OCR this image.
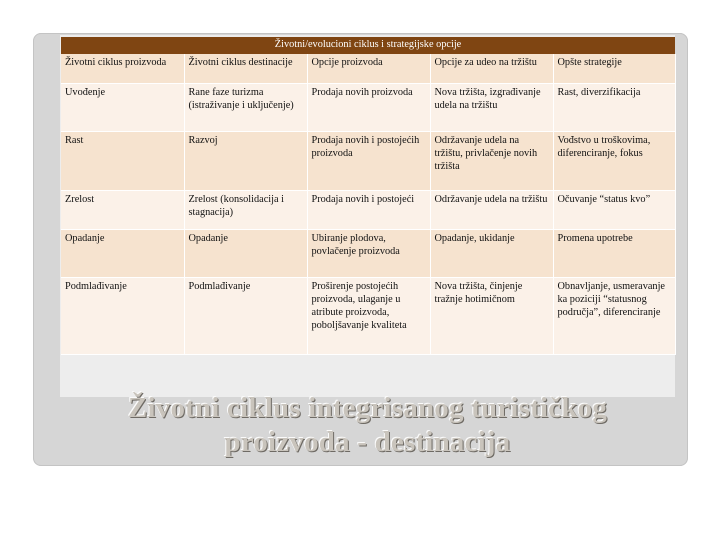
Životni/evolucioni ciklus i strategijske opcije				
Životni ciklus proizvoda	Životni ciklus destinacije	Opcije proizvoda	Opcije za udeo na tržištu	Opšte strategije
Uvođenje	Rane faze turizma (istraživanje i uključenje)	Prodaja novih proizvoda	Nova tržišta, izgrađivanje udela na tržištu	Rast, diverzifikacija
Rast	Razvoj	Prodaja novih i postojećih proizvoda	Održavanje udela na tržištu, privlačenje novih tržišta	Vođstvo u troškovima, diferenciranje, fokus
Zrelost	Zrelost (konsolidacija i stagnacija)	Prodaja novih i postojeći	Održavanje udela na tržištu	Očuvanje “status kvo”
Opadanje	Opadanje	Ubiranje plodova, povlačenje proizvoda	Opadanje, ukidanje	Promena upotrebe
Podmlađivanje	Podmlađivanje	Proširenje postojećih proizvoda, ulaganje u atribute proizvoda, poboljšavanje kvaliteta	Nova tržišta, činjenje tražnje hotimičnom	Obnavljanje, usmeravanje ka poziciji “statusnog područja”, diferenciranje
Životni ciklus integrisanog turističkog
proizvoda - destinacija
